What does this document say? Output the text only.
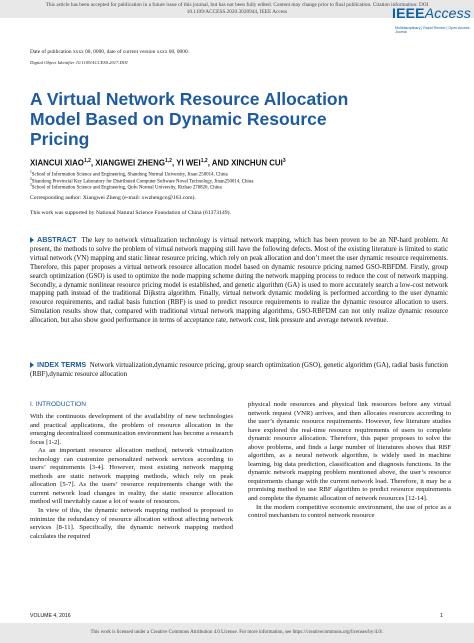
This article has been accepted for publication in a future issue of this journal, but has not been fully edited. Content may change prior to final publication. Citation information: DOI
10.1109/ACCESS.2020.3020944, IEEE Access	IEEEAccess
Multidisciplinary | Rapid Review | Open Access Journal
Date of publication xxxx 00, 0000, date of current version xxxx 00, 0000.
Digital Object Identifier 10.1109/ACCESS.2017.DOI
A Virtual Network Resource Allocation Model Based on Dynamic Resource Pricing
XIANCUI XIAO$^{1,2}$, XIANGWEI ZHENG$^{1,2}$, YI WEI$^{1,2}$, AND XINCHUN CUI$^3$
$^1$School of Information Science and Engineering, Shandong Normal University, Jinan 250014, China
$^2$Shandong Provincial Key Laboratory for Distributed Computer Software Novel Technology, Jinan250014, China
$^3$School of Information Science and Engineering, Qufu Normal University, Rizhao 276826, China
Corresponding author: Xiangwei Zheng (e-mail: xwzhengcn@163.com).
This work was supported by National Natural Science Foundation of China (61373149).
ABSTRACT The key to network virtualization technology is virtual network mapping, which has been proven to be an NP-hard problem. At present, the methods to solve the problem of virtual network mapping still have the following defects. Most of the existing literature is limited to static virtual network (VN) mapping and static linear resource pricing, which rely on peak allocation and don’t meet the user dynamic resource requirements. Therefore, this paper proposes a virtual network resource allocation model based on dynamic resource pricing named GSO-RBFDM. Firstly, group search optimization (GSO) is used to optimize the node mapping scheme during the network mapping process to reduce the cost of network mapping. Secondly, a dynamic nonlinear resource pricing model is established, and genetic algorithm (GA) is used to more accurately search a low-cost network mapping path instead of the traditional Dijkstra algorithm. Finally, virtual network dynamic modeling is performed according to the user dynamic resource requirements, and radial basis function (RBF) is used to predict resource requirements to realize the dynamic resource allocation to users. Simulation results show that, compared with traditional virtual network mapping algorithms, GSO-RBFDM can not only realize dynamic resource allocation, but also show good performance in terms of acceptance rate, network cost, link pressure and average network revenue.
INDEX TERMS Network virtualization,dynamic resource pricing, group search optimization (GSO), genetic algorithm (GA), radial basis function (RBF),dynamic resource allocation
I. INTRODUCTION

With the continuous development of the availability of new technologies and practical applications, the problem of resource allocation in the emerging decentralized communication environment has become a research focus [1-2].

As an important resource allocation method, network virtualization technology can customize personalized network services according to users’ requirements [3-4]. However, most existing network mapping methods are static network mapping methods, which rely on peak allocation [5-7]. As the users’ resource requirements change with the current network load changes in reality, the static resource allocation method will inevitably cause a lot of waste of resources.

In view of this, the dynamic network mapping method is proposed to minimize the redundancy of resource allocation without affecting network services [8-11]. Specifically, the dynamic network mapping method calculates the required

physical node resources and physical link resources before any virtual network request (VNR) arrives, and then allocates resources according to the user’s dynamic resource requirements. However, few literature studies have explored the real-time resource requirements of users to complete dynamic resource allocation. Therefore, this paper proposes to solve the above problems, and finds a large number of literatures shows that RBF algorithm, as a neural network algorithm, is widely used in machine learning, big data prediction, classification and diagnosis functions. In the dynamic network mapping problem mentioned above, the user’s resource requirements change with the current network load. Therefore, it may be a promising method to use RBF algorithm to predict resource requirements and complete the dynamic allocation of network resources [12-14].

In the modern competitive economic environment, the use of price as a control mechanism to control network resource

VOLUME 4, 2016	1
This work is licensed under a Creative Commons Attribution 4.0 License. For more information, see https://creativecommons.org/licenses/by/4.0/.
